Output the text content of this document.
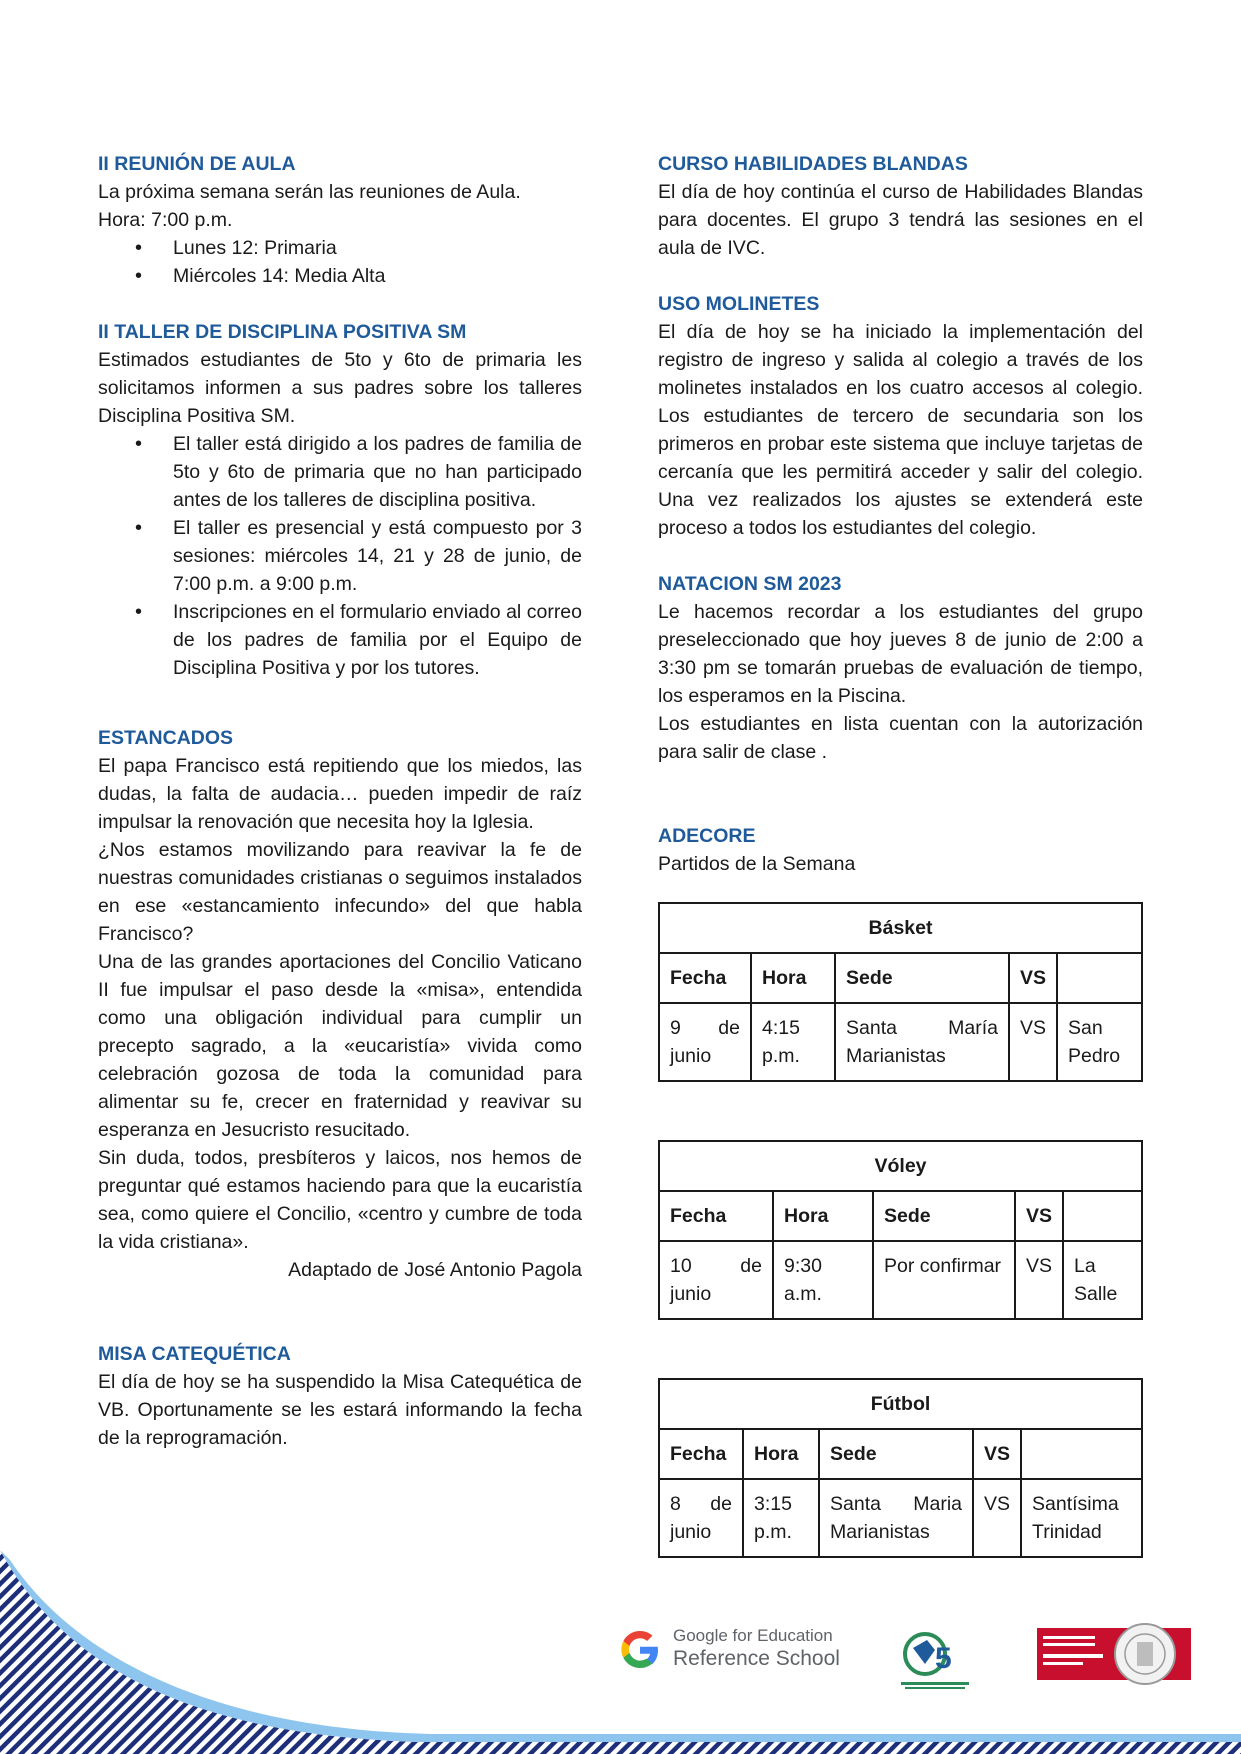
II REUNIÓN DE AULA
La próxima semana serán las reuniones de Aula.
Hora: 7:00 p.m.
• Lunes 12: Primaria
• Miércoles 14: Media Alta
II TALLER DE DISCIPLINA POSITIVA SM
Estimados estudiantes de 5to y 6to de primaria les solicitamos informen a sus padres sobre los talleres Disciplina Positiva SM.
• El taller está dirigido a los padres de familia de 5to y 6to de primaria que no han participado antes de los talleres de disciplina positiva.
• El taller es presencial y está compuesto por 3 sesiones: miércoles 14, 21 y 28 de junio, de 7:00 p.m. a 9:00 p.m.
• Inscripciones en el formulario enviado al correo de los padres de familia por el Equipo de Disciplina Positiva y por los tutores.
ESTANCADOS
El papa Francisco está repitiendo que los miedos, las dudas, la falta de audacia… pueden impedir de raíz impulsar la renovación que necesita hoy la Iglesia.
¿Nos estamos movilizando para reavivar la fe de nuestras comunidades cristianas o seguimos instalados en ese «estancamiento infecundo» del que habla Francisco?
Una de las grandes aportaciones del Concilio Vaticano II fue impulsar el paso desde la «misa», entendida como una obligación individual para cumplir un precepto sagrado, a la «eucaristía» vivida como celebración gozosa de toda la comunidad para alimentar su fe, crecer en fraternidad y reavivar su esperanza en Jesucristo resucitado.
Sin duda, todos, presbíteros y laicos, nos hemos de preguntar qué estamos haciendo para que la eucaristía sea, como quiere el Concilio, «centro y cumbre de toda la vida cristiana».
Adaptado de José Antonio Pagola
MISA CATEQUÉTICA
El día de hoy se ha suspendido la Misa Catequética de VB. Oportunamente se les estará informando la fecha de la reprogramación.
CURSO HABILIDADES BLANDAS
El día de hoy continúa el curso de Habilidades Blandas para docentes. El grupo 3 tendrá las sesiones en el aula de IVC.
USO MOLINETES
El día de hoy se ha iniciado la implementación del registro de ingreso y salida al colegio a través de los molinetes instalados en los cuatro accesos al colegio. Los estudiantes de tercero de secundaria son los primeros en probar este sistema que incluye tarjetas de cercanía que les permitirá acceder y salir del colegio. Una vez realizados los ajustes se extenderá este proceso a todos los estudiantes del colegio.
NATACION SM 2023
Le hacemos recordar a los estudiantes del grupo preseleccionado que hoy jueves 8 de junio de 2:00 a 3:30 pm se tomarán pruebas de evaluación de tiempo, los esperamos en la Piscina.
Los estudiantes en lista cuentan con la autorización para salir de clase .
ADECORE
Partidos de la Semana
Básket				
Fecha	Hora	Sede	VS	
9 de junio	4:15 p.m.	Santa María Marianistas	VS	San Pedro
Vóley				
Fecha	Hora	Sede	VS	
10 de junio	9:30 a.m.	Por confirmar	VS	La Salle
Fútbol				
Fecha	Hora	Sede	VS	
8 de junio	3:15 p.m.	Santa Maria Marianistas	VS	Santísima Trinidad
Google for Education
Reference School	5
